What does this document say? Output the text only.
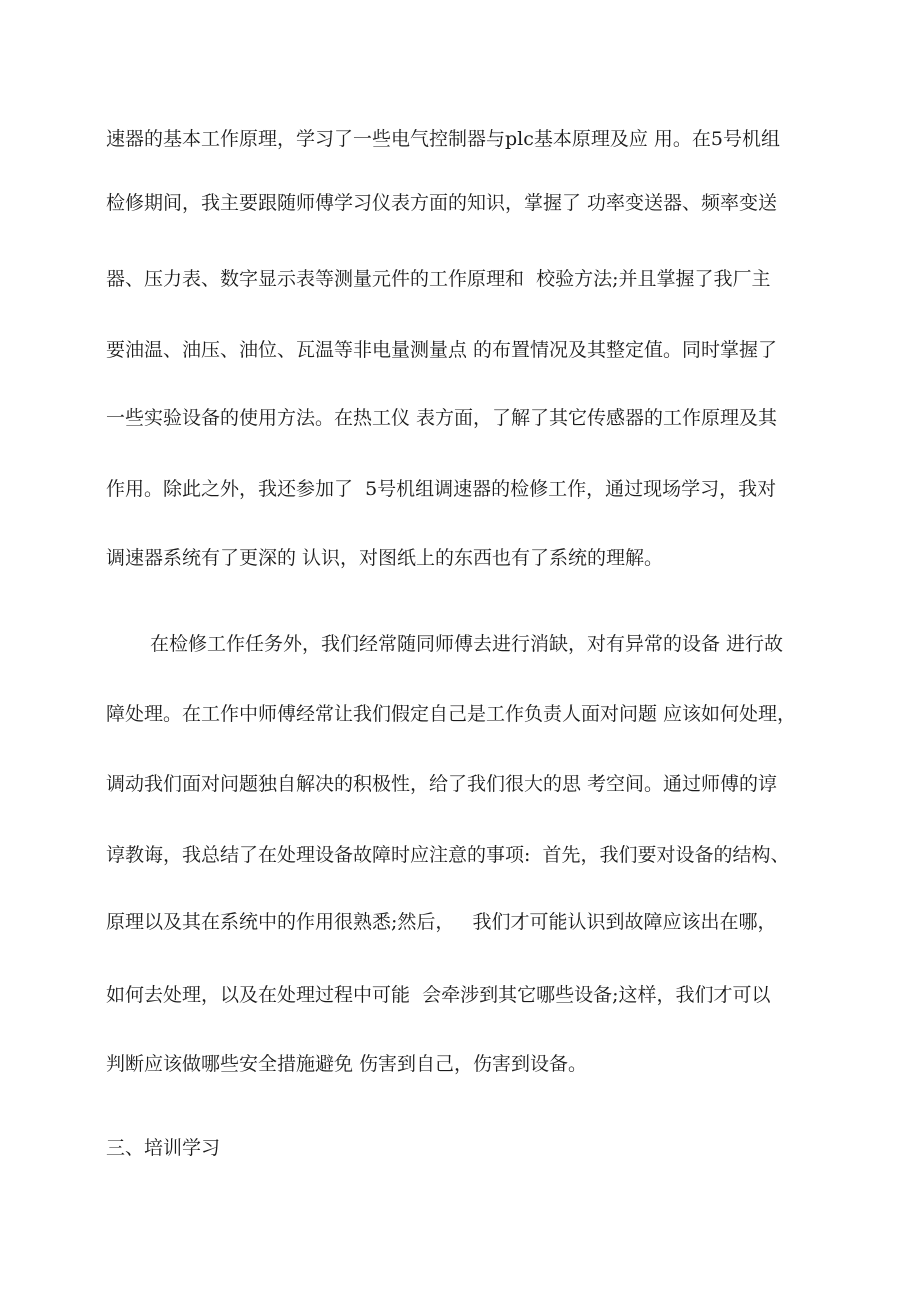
速器的基本工作原理，学习了一些电气控制器与plc基本原理及应 用。在5号机组
检修期间，我主要跟随师傅学习仪表方面的知识，掌握了 功率变送器、频率变送
器、压力表、数字显示表等测量元件的工作原理和  校验方法;并且掌握了我厂主
要油温、油压、油位、瓦温等非电量测量点 的布置情况及其整定值。同时掌握了
一些实验设备的使用方法。在热工仪 表方面，了解了其它传感器的工作原理及其
作用。除此之外，我还参加了  5号机组调速器的检修工作，通过现场学习，我对
调速器系统有了更深的 认识，对图纸上的东西也有了系统的理解。
在检修工作任务外，我们经常随同师傅去进行消缺，对有异常的设备 进行故
障处理。在工作中师傅经常让我们假定自己是工作负责人面对问题 应该如何处理，
调动我们面对问题独自解决的积极性，给了我们很大的思 考空间。通过师傅的谆
谆教诲，我总结了在处理设备故障时应注意的事项:  首先，我们要对设备的结构、
原理以及其在系统中的作用很熟悉;然后，   我们才可能认识到故障应该出在哪，
如何去处理，以及在处理过程中可能  会牵涉到其它哪些设备;这样，我们才可以
判断应该做哪些安全措施避免 伤害到自己，伤害到设备。
三、培训学习
